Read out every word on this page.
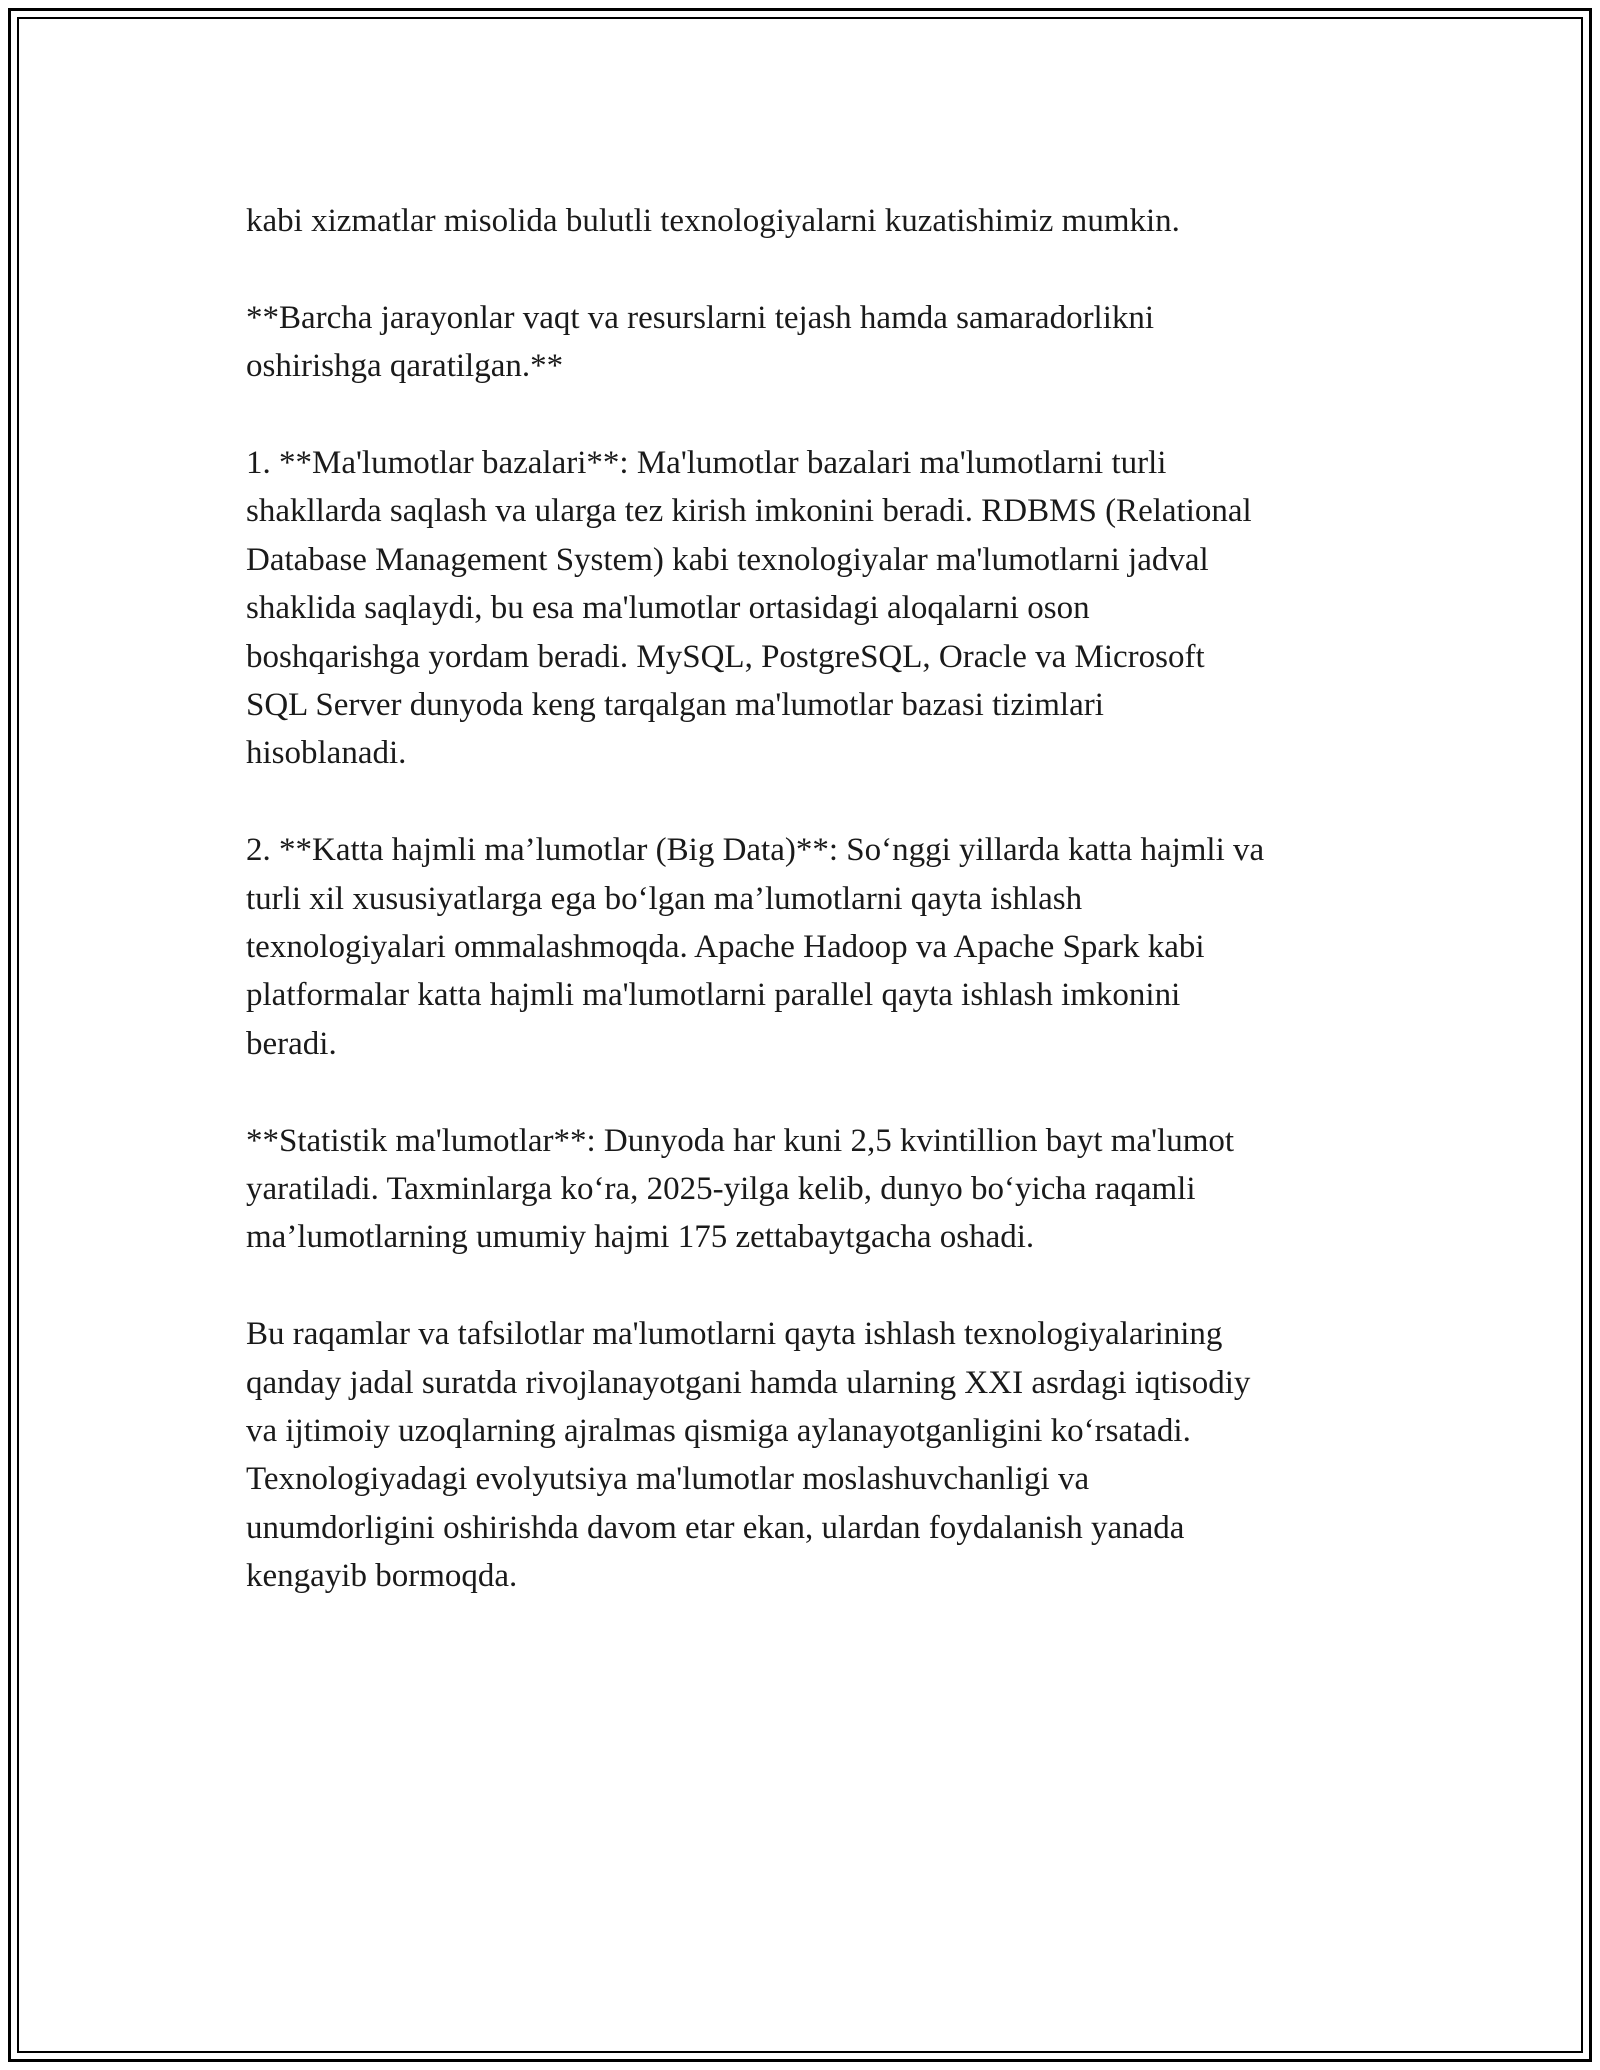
kabi xizmatlar misolida bulutli texnologiyalarni kuzatishimiz mumkin.

**Barcha jarayonlar vaqt va resurslarni tejash hamda samaradorlikni
oshirishga qaratilgan.**

1. **Ma'lumotlar bazalari**: Ma'lumotlar bazalari ma'lumotlarni turli
shakllarda saqlash va ularga tez kirish imkonini beradi. RDBMS (Relational
Database Management System) kabi texnologiyalar ma'lumotlarni jadval
shaklida saqlaydi, bu esa ma'lumotlar ortasidagi aloqalarni oson
boshqarishga yordam beradi. MySQL, PostgreSQL, Oracle va Microsoft
SQL Server dunyoda keng tarqalgan ma'lumotlar bazasi tizimlari
hisoblanadi.

2. **Katta hajmli ma’lumotlar (Big Data)**: So‘nggi yillarda katta hajmli va
turli xil xususiyatlarga ega bo‘lgan ma’lumotlarni qayta ishlash
texnologiyalari ommalashmoqda. Apache Hadoop va Apache Spark kabi
platformalar katta hajmli ma'lumotlarni parallel qayta ishlash imkonini
beradi.

**Statistik ma'lumotlar**: Dunyoda har kuni 2,5 kvintillion bayt ma'lumot
yaratiladi. Taxminlarga ko‘ra, 2025-yilga kelib, dunyo bo‘yicha raqamli
ma’lumotlarning umumiy hajmi 175 zettabaytgacha oshadi.

Bu raqamlar va tafsilotlar ma'lumotlarni qayta ishlash texnologiyalarining
qanday jadal suratda rivojlanayotgani hamda ularning XXI asrdagi iqtisodiy
va ijtimoiy uzoqlarning ajralmas qismiga aylanayotganligini ko‘rsatadi.
Texnologiyadagi evolyutsiya ma'lumotlar moslashuvchanligi va
unumdorligini oshirishda davom etar ekan, ulardan foydalanish yanada
kengayib bormoqda.
